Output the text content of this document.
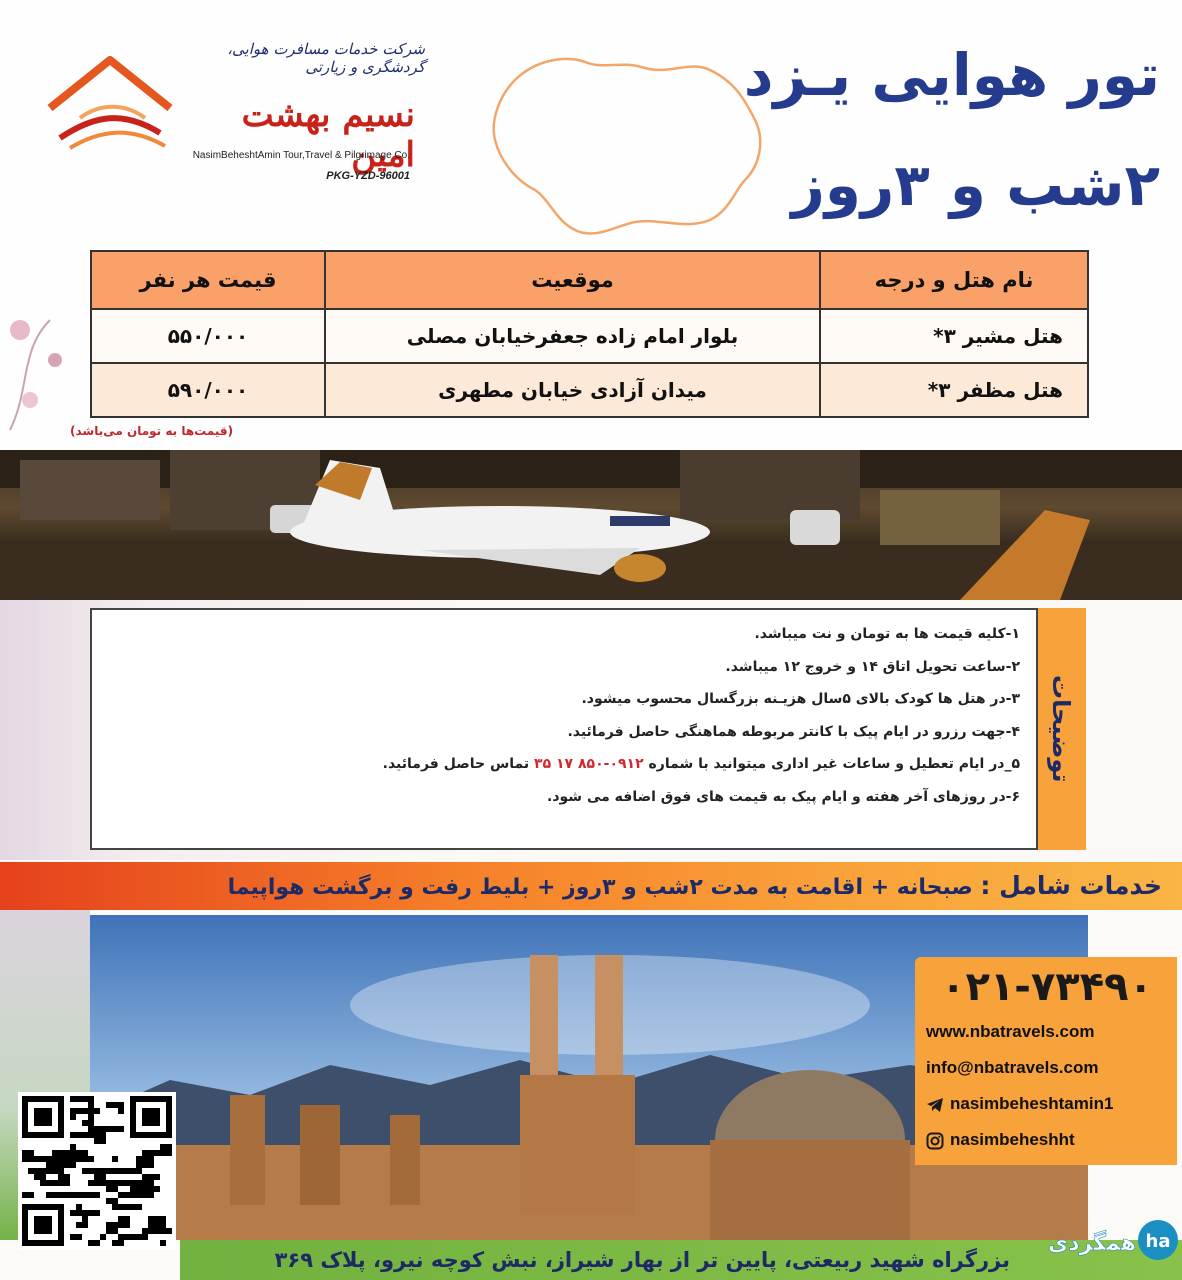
شرکت خدمات مسافرت هوایی، گردشگری و زیارتی
نسیم بهشت امین
NasimBeheshtAmin Tour,Travel & Pilgrimage Co.
PKG-YZD-96001
تور هوایی یـزد
۲شب و ۳روز
نام هتل و درجه	موقعیت	قیمت هر نفر
هتل مشیر ۳*	بلوار امام زاده جعفرخیابان مصلی	۵۵۰/۰۰۰
هتل مظفر ۳*	میدان آزادی خیابان مطهری	۵۹۰/۰۰۰
(قیمت‌ها به تومان می‌باشد)
توضیحات
۱-کلیه قیمت ها به تومان و نت میباشد.
۲-ساعت تحویل اتاق ۱۴ و خروج ۱۲ میباشد.
۳-در هتل ها کودک بالای ۵سال هزیـنه بزرگسال محسوب میشود.
۴-جهت رزرو در ایام پیک با کانتر مربوطه هماهنگی حاصل فرمائید.
۵_در ایام تعطیل و ساعات غیر اداری میتوانید با شماره ۰۹۱۲-۸۵۰ ۱۷ ۳۵ تماس حاصل فرمائید.
۶-در روزهای آخر هفته و ایام پیک به قیمت های فوق اضافه می شود.
خدمات شامل : صبحانه + اقامت به مدت ۲شب و ۳روز + بلیط رفت و برگشت هواپیما
۰۲۱-۷۳۴۹۰
www.nbatravels.com
info@nbatravels.com
nasimbeheshtamin1
nasimbeheshht
بزرگراه شهید ربیعتی، پایین تر از بهار شیراز، نبش کوچه نیرو، پلاک ۳۶۹
ha
همگردی
